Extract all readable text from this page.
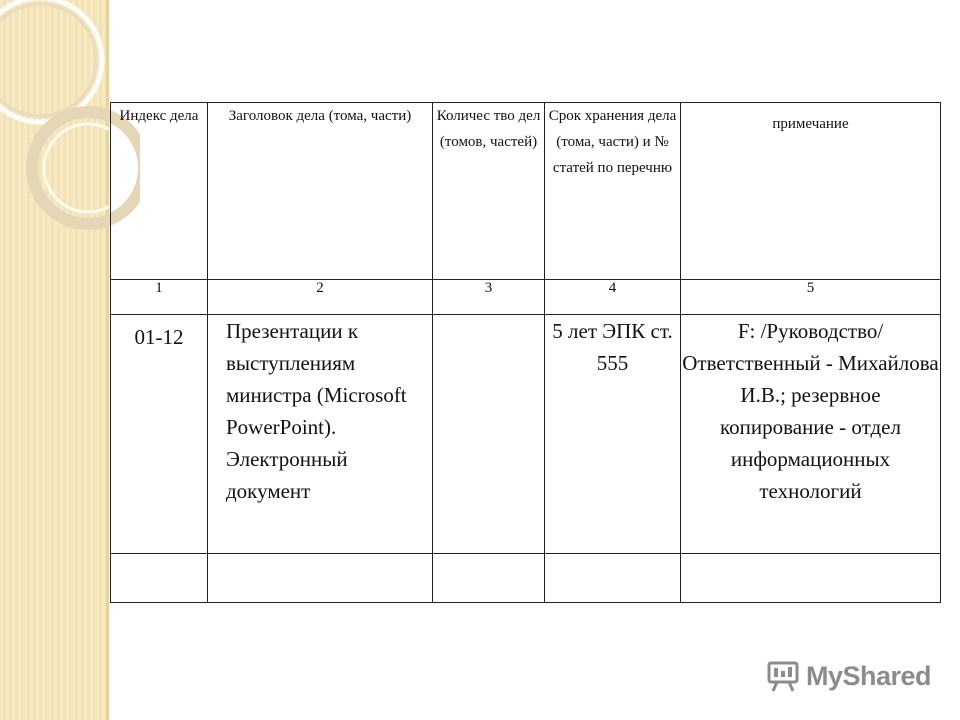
Индекс дела	Заголовок дела (тома, части)	Количес тво дел (томов, частей)	Срок хранения дела (тома, части) и № статей по перечню	примечание
1	2	3	4	5
01-12	Презентации к выступлениям министра (Microsoft PowerPoint). Электронный документ		5 лет ЭПК ст. 555	F: /Руководство/ Ответственный - Михайлова И.В.; резервное копирование - отдел информационных технологий

MyShared
